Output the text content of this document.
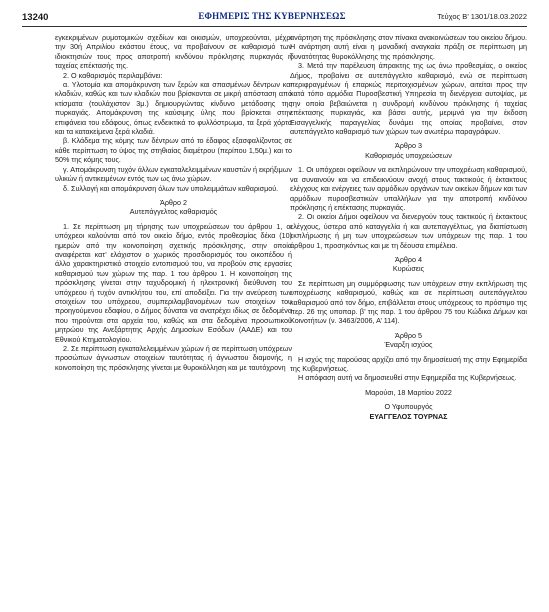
13240	ΕΦΗΜΕΡΙΣ ΤΗΣ ΚΥΒΕΡΝΗΣΕΩΣ	Τεύχος B’ 1301/18.03.2022

εγκεκριμένων ρυμοτομικών σχεδίων και οικισμών, υποχρεούνται, μέχρι την 30ή Απριλίου εκάστου έτους, να προβαίνουν σε καθαρισμό των ιδιοκτησιών τους προς αποτροπή κινδύνου πρόκλησης πυρκαγιάς ή ταχείας επέκτασής της.

2. Ο καθαρισμός περιλαμβάνει:

α. Υλοτομία και απομάκρυνση των ξερών και σπασμένων δέντρων και κλαδιών, καθώς και των κλαδιών που βρίσκονται σε μικρή απόσταση από κτίσματα (τουλάχιστον 3μ.) δημιουργώντας κίνδυνο μετάδοσης της πυρκαγιάς. Απομάκρυνση της καύσιμης ύλης που βρίσκεται στην επιφάνεια του εδάφους, όπως ενδεικτικά το φυλλόστρωμα, τα ξερά χόρτα και τα κατακείμενα ξερά κλαδιά.

β. Κλάδεμα της κόμης των δέντρων από το έδαφος εξασφαλίζοντας σε κάθε περίπτωση το ύψος της στηθιαίας διαμέτρου (περίπου 1,50μ.) και το 50% της κόμης τους.

γ. Απομάκρυνση τυχόν άλλων εγκαταλελειμμένων καυστών ή εκρήξιμων υλικών ή αντικειμένων εντός των ως άνω χώρων.

δ. Συλλογή και απομάκρυνση όλων των υπολειμμάτων καθαρισμού.

Άρθρο 2

Αυτεπάγγελτος καθαρισμός

1. Σε περίπτωση μη τήρησης των υποχρεώσεων του άρθρου 1, οι υπόχρεοι καλούνται από τον οικείο δήμο, εντός προθεσμίας δέκα (10) ημερών από την κοινοποίηση σχετικής πρόσκλησης, στην οποία αναφέρεται κατ’ ελάχιστον ο χωρικός προσδιορισμός του οικοπέδου ή άλλο χαρακτηριστικό στοιχείο εντοπισμού του, να προβούν στις εργασίες καθαρισμού των χώρων της παρ. 1 του άρθρου 1. Η κοινοποίηση της πρόσκλησης γίνεται στην ταχυδρομική ή ηλεκτρονική διεύθυνση του υπόχρεου ή τυχόν αντικλήτου του, επί αποδείξει. Για την ανεύρεση των στοιχείων του υπόχρεου, συμπεριλαμβανομένων των στοιχείων του προηγούμενου εδαφίου, ο Δήμος δύναται να ανατρέχει ιδίως σε δεδομένα που τηρούνται στα αρχεία του, καθώς και στα δεδομένα προσωπικού μητρώου της Ανεξάρτητης Αρχής Δημοσίων Εσόδων (ΑΑΔΕ) και του Εθνικού Κτηματολογίου.

2. Σε περίπτωση εγκαταλελειμμένων χώρων ή σε περίπτωση υπόχρεων προσώπων άγνωστων στοιχείων ταυτότητας ή άγνωστου διαμονής, η κοινοποίηση της πρόσκλησης γίνεται με θυροκόλληση και με ταυτόχρονη

ανάρτηση της πρόσκλησης στον πίνακα ανακοινώσεων του οικείου δήμου. Η ανάρτηση αυτή είναι η μοναδική αναγκαία πράξη σε περίπτωση μη δυνατότητας θυροκόλλησης της πρόσκλησης.

3. Μετά την παρέλευση άπρακτης της ως άνω προθεσμίας, ο οικείος Δήμος, προβαίνει σε αυτεπάγγελτο καθαρισμό, ενώ σε περίπτωση περιφραγμένων ή επαρκώς περιτοιχισμένων χώρων, αιτείται προς την κατά τόπο αρμόδια Πυροσβεστική Υπηρεσία τη διενέργεια αυτοψίας, με την οποία βεβαιώνεται η συνδρομή κινδύνου πρόκλησης ή ταχείας επέκτασης πυρκαγιάς, και βάσει αυτής, μεριμνά για την έκδοση Εισαγγελικής παραγγελίας δυνάμει της οποίας προβαίνει, στον αυτεπάγγελτο καθαρισμό των χώρων των ανωτέρω παραγράφων.

Άρθρο 3

Καθορισμός υποχρεώσεων

1. Οι υπόχρεοι οφείλουν να εκπληρώνουν την υποχρέωση καθαρισμού, να συναινούν και να επιδεικνύουν ανοχή στους τακτικούς ή έκτακτους ελέγχους και ενέργειες των αρμόδιων οργάνων των οικείων δήμων και των αρμόδιων πυροσβεστικών υπαλλήλων για την αποτροπή κινδύνου πρόκλησης ή επέκτασης πυρκαγιάς.

2. Οι οικείοι Δήμοι οφείλουν να διενεργούν τους τακτικούς ή έκτακτους ελέγχους, ύστερα από καταγγελία ή και αυτεπαγγέλτως, για διαπίστωση εκπλήρωσης ή μη των υποχρεώσεων των υπόχρεων της παρ. 1 του άρθρου 1, προσηκόντως και με τη δέουσα επιμέλεια.

Άρθρο 4

Κυρώσεις

Σε περίπτωση μη συμμόρφωσης των υπόχρεων στην εκπλήρωση της υποχρέωσης καθαρισμού, καθώς και σε περίπτωση αυτεπάγγελτου καθαρισμού από τον δήμο, επιβάλλεται στους υπόχρεους το πρόστιμο της περ. 26 της υποπαρ. β’ της παρ. 1 του άρθρου 75 του Κώδικα Δήμων και Κοινοτήτων (ν. 3463/2006, Α’ 114).

Άρθρο 5

Έναρξη ισχύος

Η ισχύς της παρούσας αρχίζει από την δημοσίευσή της στην Εφημερίδα της Κυβερνήσεως.

Η απόφαση αυτή να δημοσιευθεί στην Εφημερίδα της Κυβερνήσεως.

Μαρούσι, 18 Μαρτίου 2022

Ο Υφυπουργός

ΕΥΑΓΓΕΛΟΣ ΤΟΥΡΝΑΣ
